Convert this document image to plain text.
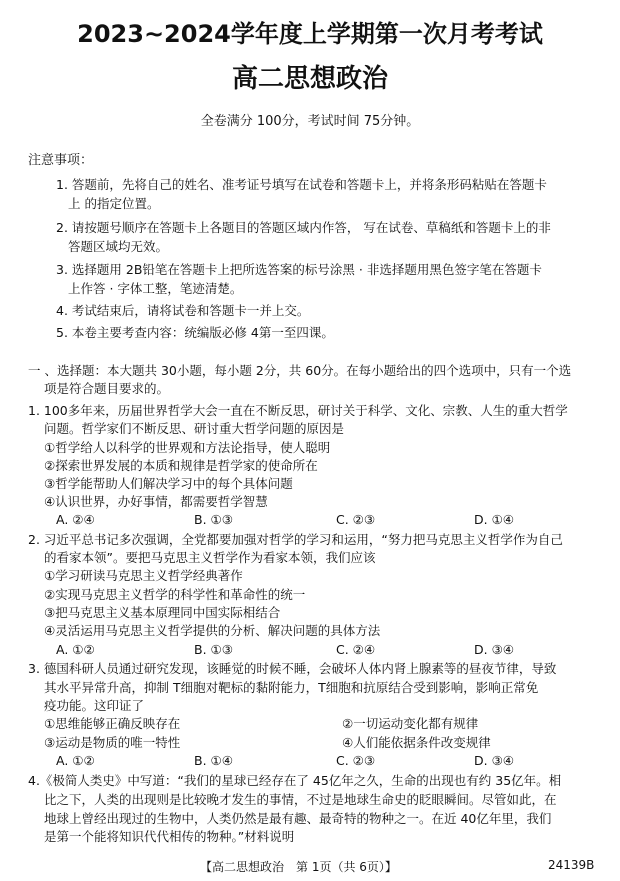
2023~2024学年度上学期第一次月考考试
高二思想政治
全卷满分 100分，考试时间 75分钟。
注意事项：
1. 答题前，先将自己的姓名、准考证号填写在试卷和答题卡上，并将条形码粘贴在答题卡
上 的指定位置。
2. 请按题号顺序在答题卡上各题目的答题区域内作答， 写在试卷、草稿纸和答题卡上的非
答题区域均无效。
3. 选择题用 2B铅笔在答题卡上把所选答案的标号涂黑 · 非选择题用黑色签字笔在答题卡
上作答 · 字体工整，笔迹清楚。
4. 考试结束后，请将试卷和答题卡一并上交。
5. 本卷主要考查内容：统编版必修 4第一至四课。
一 、选择题：本大题共 30小题，每小题 2分，共 60分。在每小题给出的四个选项中，只有一个选
项是符合题目要求的。
1. 100多年来，历届世界哲学大会一直在不断反思，研讨关于科学、文化、宗教、人生的重大哲学
问题。哲学家们不断反思、研讨重大哲学问题的原因是
①哲学给人以科学的世界观和方法论指导，使人聪明
②探索世界发展的本质和规律是哲学家的使命所在
③哲学能帮助人们解决学习中的每个具体问题
④认识世界，办好事情，都需要哲学智慧
A. ②④	B. ①③	C. ②③	D. ①④
2. 习近平总书记多次强调，全党都要加强对哲学的学习和运用，“努力把马克思主义哲学作为自己
的看家本领”。要把马克思主义哲学作为看家本领，我们应该
①学习研读马克思主义哲学经典著作
②实现马克思主义哲学的科学性和革命性的统一
③把马克思主义基本原理同中国实际相结合
④灵活运用马克思主义哲学提供的分析、解决问题的具体方法
A. ①②	B. ①③	C. ②④	D. ③④
3. 德国科研人员通过研究发现，该睡觉的时候不睡，会破坏人体内肾上腺素等的昼夜节律，导致
其水平异常升高，抑制 T细胞对靶标的黏附能力，T细胞和抗原结合受到影响，影响正常免
疫功能。这印证了
①思维能够正确反映存在	②一切运动变化都有规律
③运动是物质的唯一特性	④人们能依据条件改变规律
A. ①②	B. ①④	C. ②③	D. ③④
4.《极简人类史》中写道：“我们的星球已经存在了 45亿年之久，生命的出现也有约 35亿年。相
比之下，人类的出现则是比较晚才发生的事情，不过是地球生命史的眨眼瞬间。尽管如此，在
地球上曾经出现过的生物中，人类仍然是最有趣、最奇特的物种之一。在近 40亿年里，我们
是第一个能将知识代代相传的物种。”材料说明
【高二思想政治　第 1页（共 6页）】	24139B
